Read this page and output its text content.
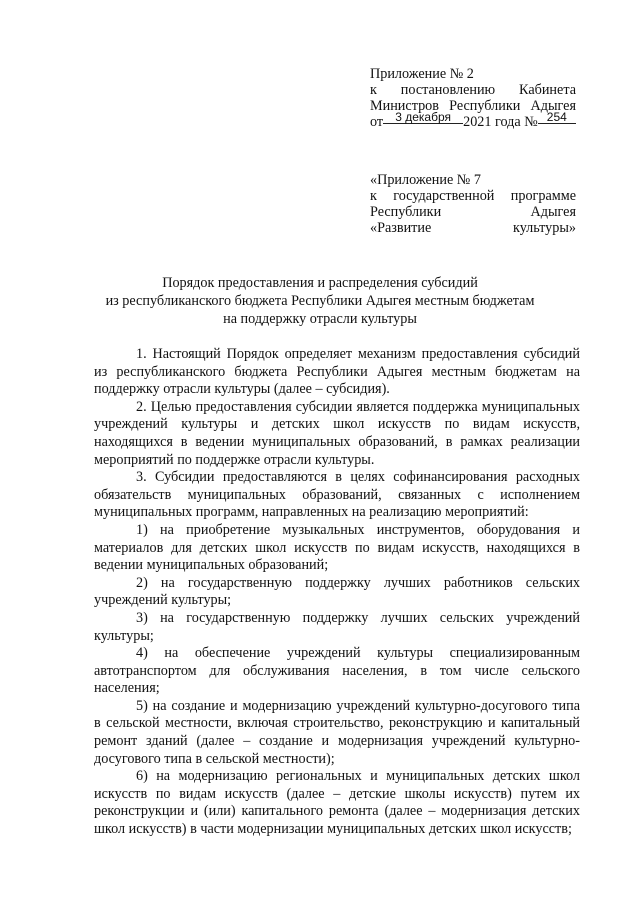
Приложение № 2
к постановлению Кабинета
Министров Республики Адыгея
от 3 декабря 2021 года № 254
«Приложение № 7
к государственной программе
Республики Адыгея
«Развитие культуры»
Порядок предоставления и распределения субсидий
из республиканского бюджета Республики Адыгея местным бюджетам
на поддержку отрасли культуры

1. Настоящий Порядок определяет механизм предоставления субсидий из республиканского бюджета Республики Адыгея местным бюджетам на поддержку отрасли культуры (далее – субсидия).

2. Целью предоставления субсидии является поддержка муниципальных учреждений культуры и детских школ искусств по видам искусств, находящихся в ведении муниципальных образований, в рамках реализации мероприятий по поддержке отрасли культуры.

3. Субсидии предоставляются в целях софинансирования расходных обязательств муниципальных образований, связанных с исполнением муниципальных программ, направленных на реализацию мероприятий:

1) на приобретение музыкальных инструментов, оборудования и материалов для детских школ искусств по видам искусств, находящихся в ведении муниципальных образований;

2) на государственную поддержку лучших работников сельских учреждений культуры;

3) на государственную поддержку лучших сельских учреждений культуры;

4) на обеспечение учреждений культуры специализированным автотранспортом для обслуживания населения, в том числе сельского населения;

5) на создание и модернизацию учреждений культурно-досугового типа в сельской местности, включая строительство, реконструкцию и капитальный ремонт зданий (далее – создание и модернизация учреждений культурно-досугового типа в сельской местности);

6) на модернизацию региональных и муниципальных детских школ искусств по видам искусств (далее – детские школы искусств) путем их реконструкции и (или) капитального ремонта (далее – модернизация детских школ искусств) в части модернизации муниципальных детских школ искусств;
